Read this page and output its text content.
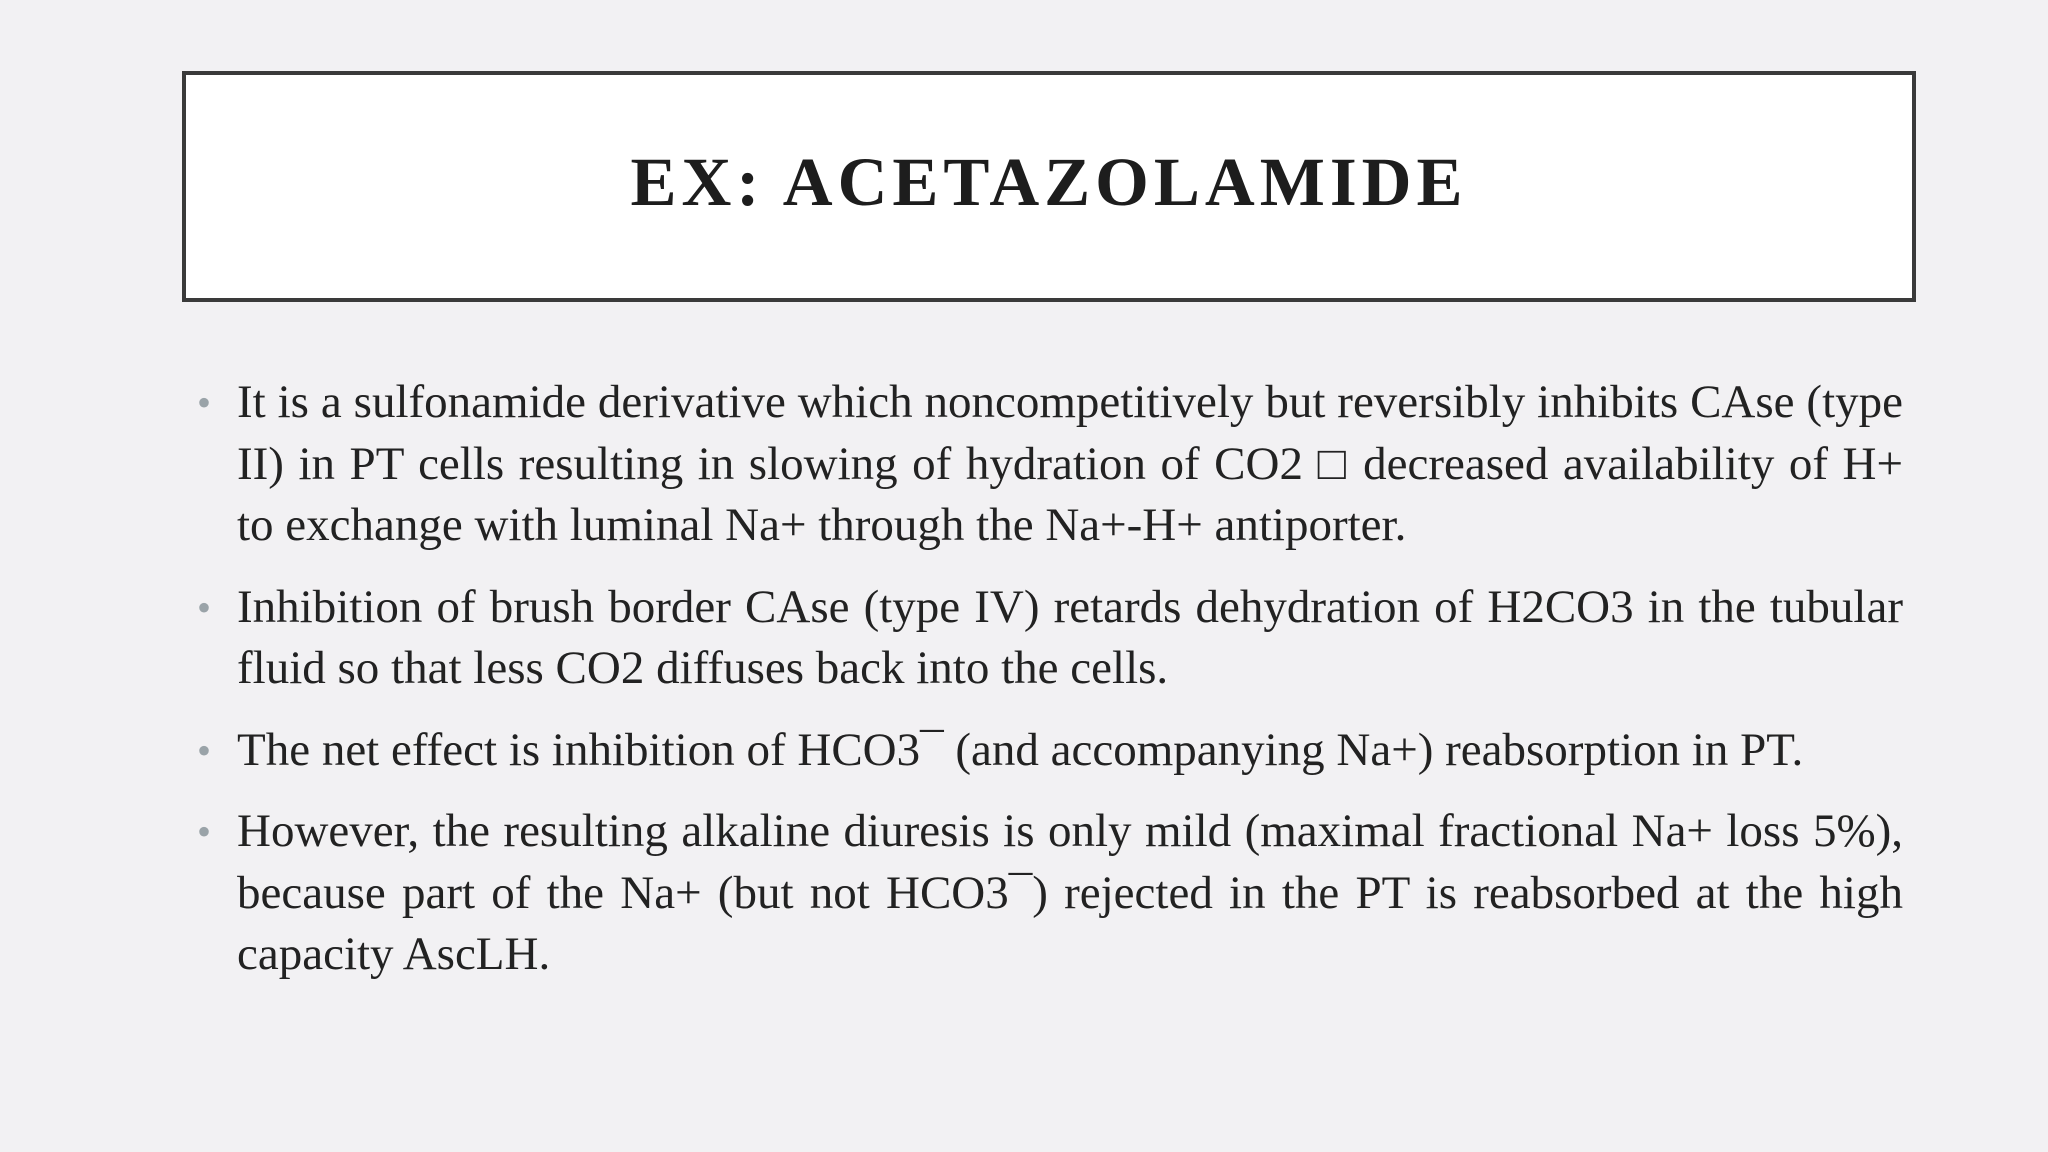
EX: ACETAZOLAMIDE
• It is a sulfonamide derivative which noncompetitively but reversibly inhibits CAse (type II) in PT cells resulting in slowing of hydration of CO2 □ decreased availability of H+ to exchange with luminal Na+ through the Na+-H+ antiporter.
• Inhibition of brush border CAse (type IV) retards dehydration of H2CO3 in the tubular fluid so that less CO2 diffuses back into the cells.
• The net effect is inhibition of HCO3¯ (and accompanying Na+) reabsorption in PT.
• However, the resulting alkaline diuresis is only mild (maximal fractional Na+ loss 5%), because part of the Na+ (but not HCO3¯) rejected in the PT is reabsorbed at the high capacity AscLH.
